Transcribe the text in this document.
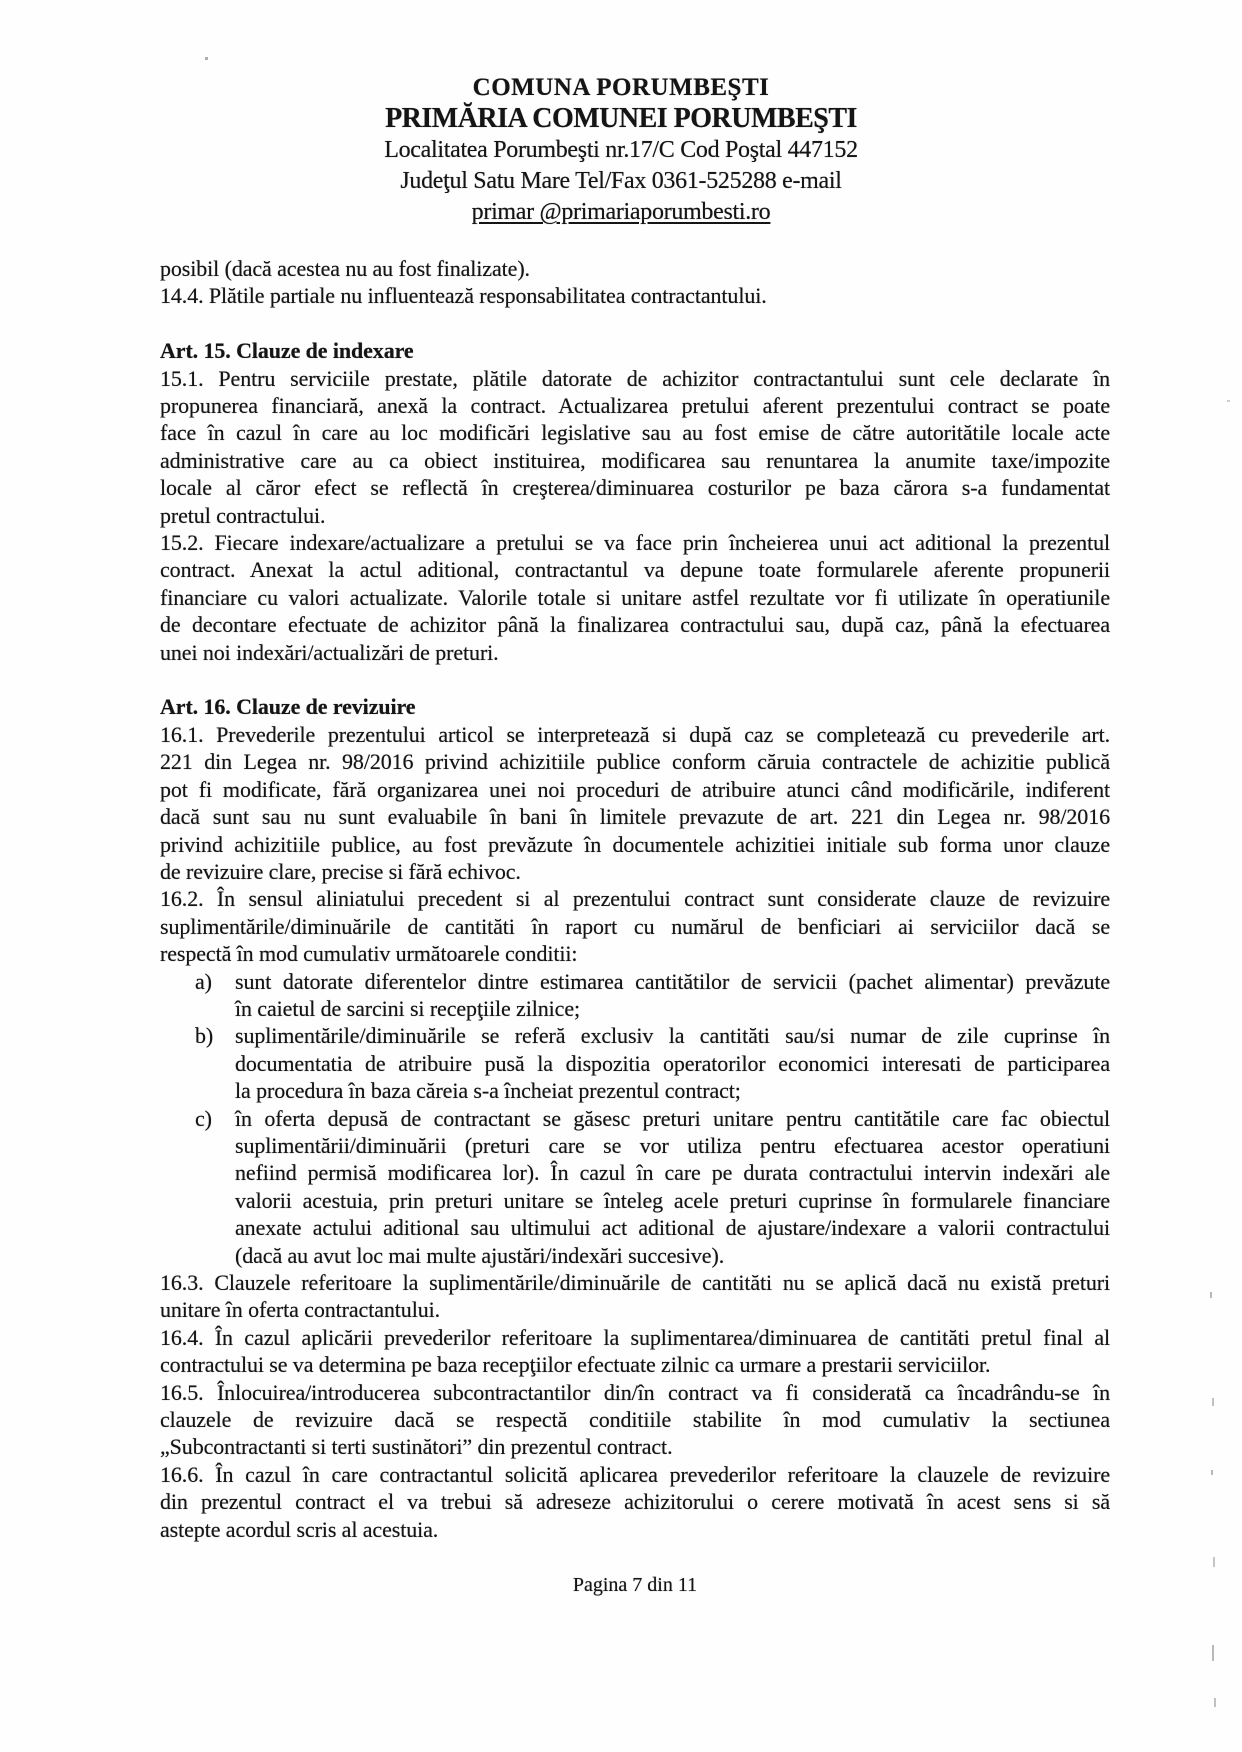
COMUNA PORUMBEŞTI
PRIMĂRIA COMUNEI PORUMBEŞTI
Localitatea Porumbeşti nr.17/C Cod Poştal 447152
Judeţul Satu Mare Tel/Fax 0361-525288 e-mail
primar @primariaporumbesti.ro
posibil (dacă acestea nu au fost finalizate).
14.4. Plătile partiale nu influentează responsabilitatea contractantului.
Art. 15. Clauze de indexare
15.1. Pentru serviciile prestate, plătile datorate de achizitor contractantului sunt cele declarate în
propunerea financiară, anexă la contract. Actualizarea pretului aferent prezentului contract se poate
face în cazul în care au loc modificări legislative sau au fost emise de către autoritătile locale acte
administrative care au ca obiect instituirea, modificarea sau renuntarea la anumite taxe/impozite
locale al căror efect se reflectă în creşterea/diminuarea costurilor pe baza cărora s-a fundamentat
pretul contractului.
15.2. Fiecare indexare/actualizare a pretului se va face prin încheierea unui act aditional la prezentul
contract. Anexat la actul aditional, contractantul va depune toate formularele aferente propunerii
financiare cu valori actualizate. Valorile totale si unitare astfel rezultate vor fi utilizate în operatiunile
de decontare efectuate de achizitor până la finalizarea contractului sau, după caz, până la efectuarea
unei noi indexări/actualizări de preturi.
Art. 16. Clauze de revizuire
16.1. Prevederile prezentului articol se interpretează si după caz se completează cu prevederile art.
221 din Legea nr. 98/2016 privind achizitiile publice conform căruia contractele de achizitie publică
pot fi modificate, fără organizarea unei noi proceduri de atribuire atunci când modificările, indiferent
dacă sunt sau nu sunt evaluabile în bani în limitele prevazute de art. 221 din Legea nr. 98/2016
privind achizitiile publice, au fost prevăzute în documentele achizitiei initiale sub forma unor clauze
de revizuire clare, precise si fără echivoc.
16.2. În sensul aliniatului precedent si al prezentului contract sunt considerate clauze de revizuire
suplimentările/diminuările de cantităti în raport cu numărul de benficiari ai serviciilor dacă se
respectă în mod cumulativ următoarele conditii:
a) sunt datorate diferentelor dintre estimarea cantitătilor de servicii (pachet alimentar) prevăzute
în caietul de sarcini si recepţiile zilnice;
b) suplimentările/diminuările se referă exclusiv la cantităti sau/si numar de zile cuprinse în
documentatia de atribuire pusă la dispozitia operatorilor economici interesati de participarea
la procedura în baza căreia s-a încheiat prezentul contract;
c) în oferta depusă de contractant se găsesc preturi unitare pentru cantitătile care fac obiectul
suplimentării/diminuării (preturi care se vor utiliza pentru efectuarea acestor operatiuni
nefiind permisă modificarea lor). În cazul în care pe durata contractului intervin indexări ale
valorii acestuia, prin preturi unitare se înteleg acele preturi cuprinse în formularele financiare
anexate actului aditional sau ultimului act aditional de ajustare/indexare a valorii contractului
(dacă au avut loc mai multe ajustări/indexări succesive).
16.3. Clauzele referitoare la suplimentările/diminuările de cantităti nu se aplică dacă nu există preturi
unitare în oferta contractantului.
16.4. În cazul aplicării prevederilor referitoare la suplimentarea/diminuarea de cantităti pretul final al
contractului se va determina pe baza recepţiilor efectuate zilnic ca urmare a prestarii serviciilor.
16.5. Înlocuirea/introducerea subcontractantilor din/în contract va fi considerată ca încadrându-se în
clauzele de revizuire dacă se respectă conditiile stabilite în mod cumulativ la sectiunea
„Subcontractanti si terti sustinători” din prezentul contract.
16.6. În cazul în care contractantul solicită aplicarea prevederilor referitoare la clauzele de revizuire
din prezentul contract el va trebui să adreseze achizitorului o cerere motivată în acest sens si să
astepte acordul scris al acestuia.
Pagina 7 din 11
